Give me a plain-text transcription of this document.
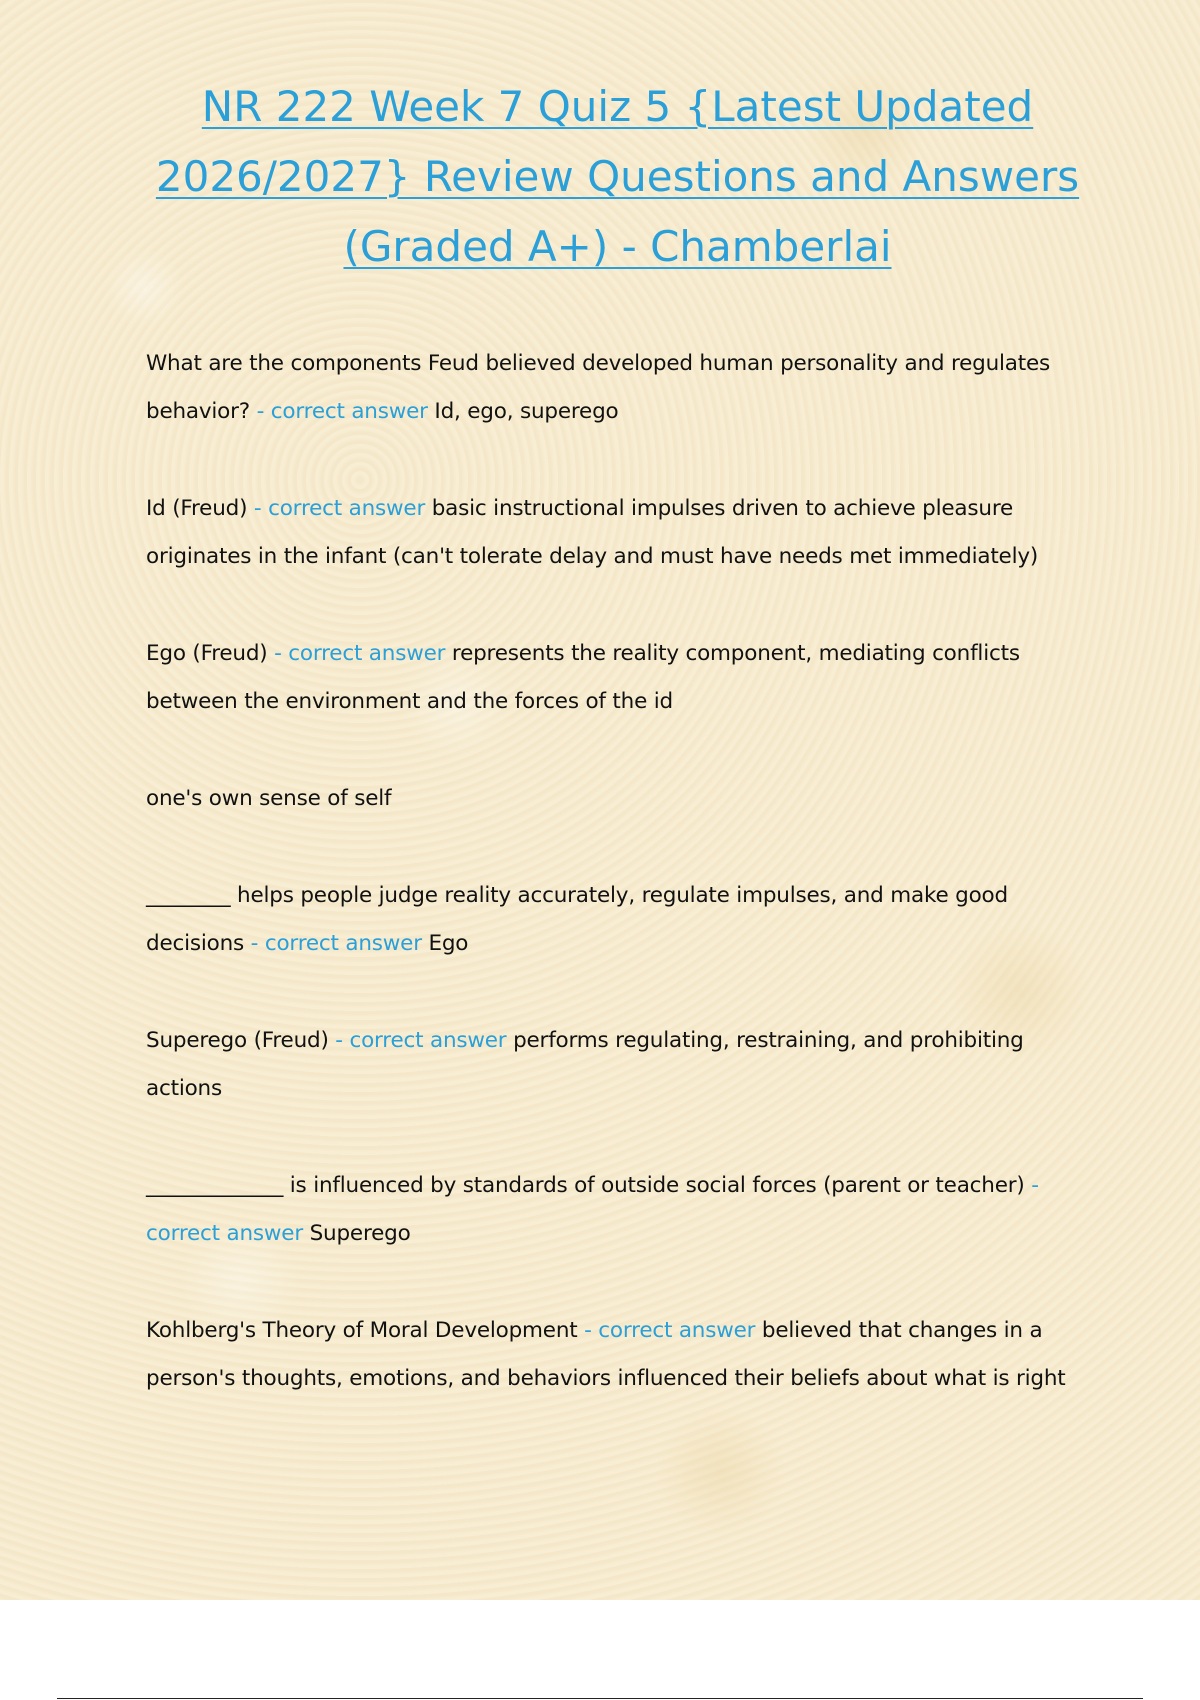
NR 222 Week 7 Quiz 5 {Latest Updated 2026/2027} Review Questions and Answers (Graded A+) - Chamberlai

What are the components Feud believed developed human personality and regulates behavior? - correct answer Id, ego, superego

Id (Freud) - correct answer basic instructional impulses driven to achieve pleasure originates in the infant (can't tolerate delay and must have needs met immediately)

Ego (Freud) - correct answer represents the reality component, mediating conflicts between the environment and the forces of the id

one's own sense of self

________ helps people judge reality accurately, regulate impulses, and make good decisions - correct answer Ego

Superego (Freud) - correct answer performs regulating, restraining, and prohibiting actions

_____________ is influenced by standards of outside social forces (parent or teacher) - correct answer Superego

Kohlberg's Theory of Moral Development - correct answer believed that changes in a person's thoughts, emotions, and behaviors influenced their beliefs about what is right
